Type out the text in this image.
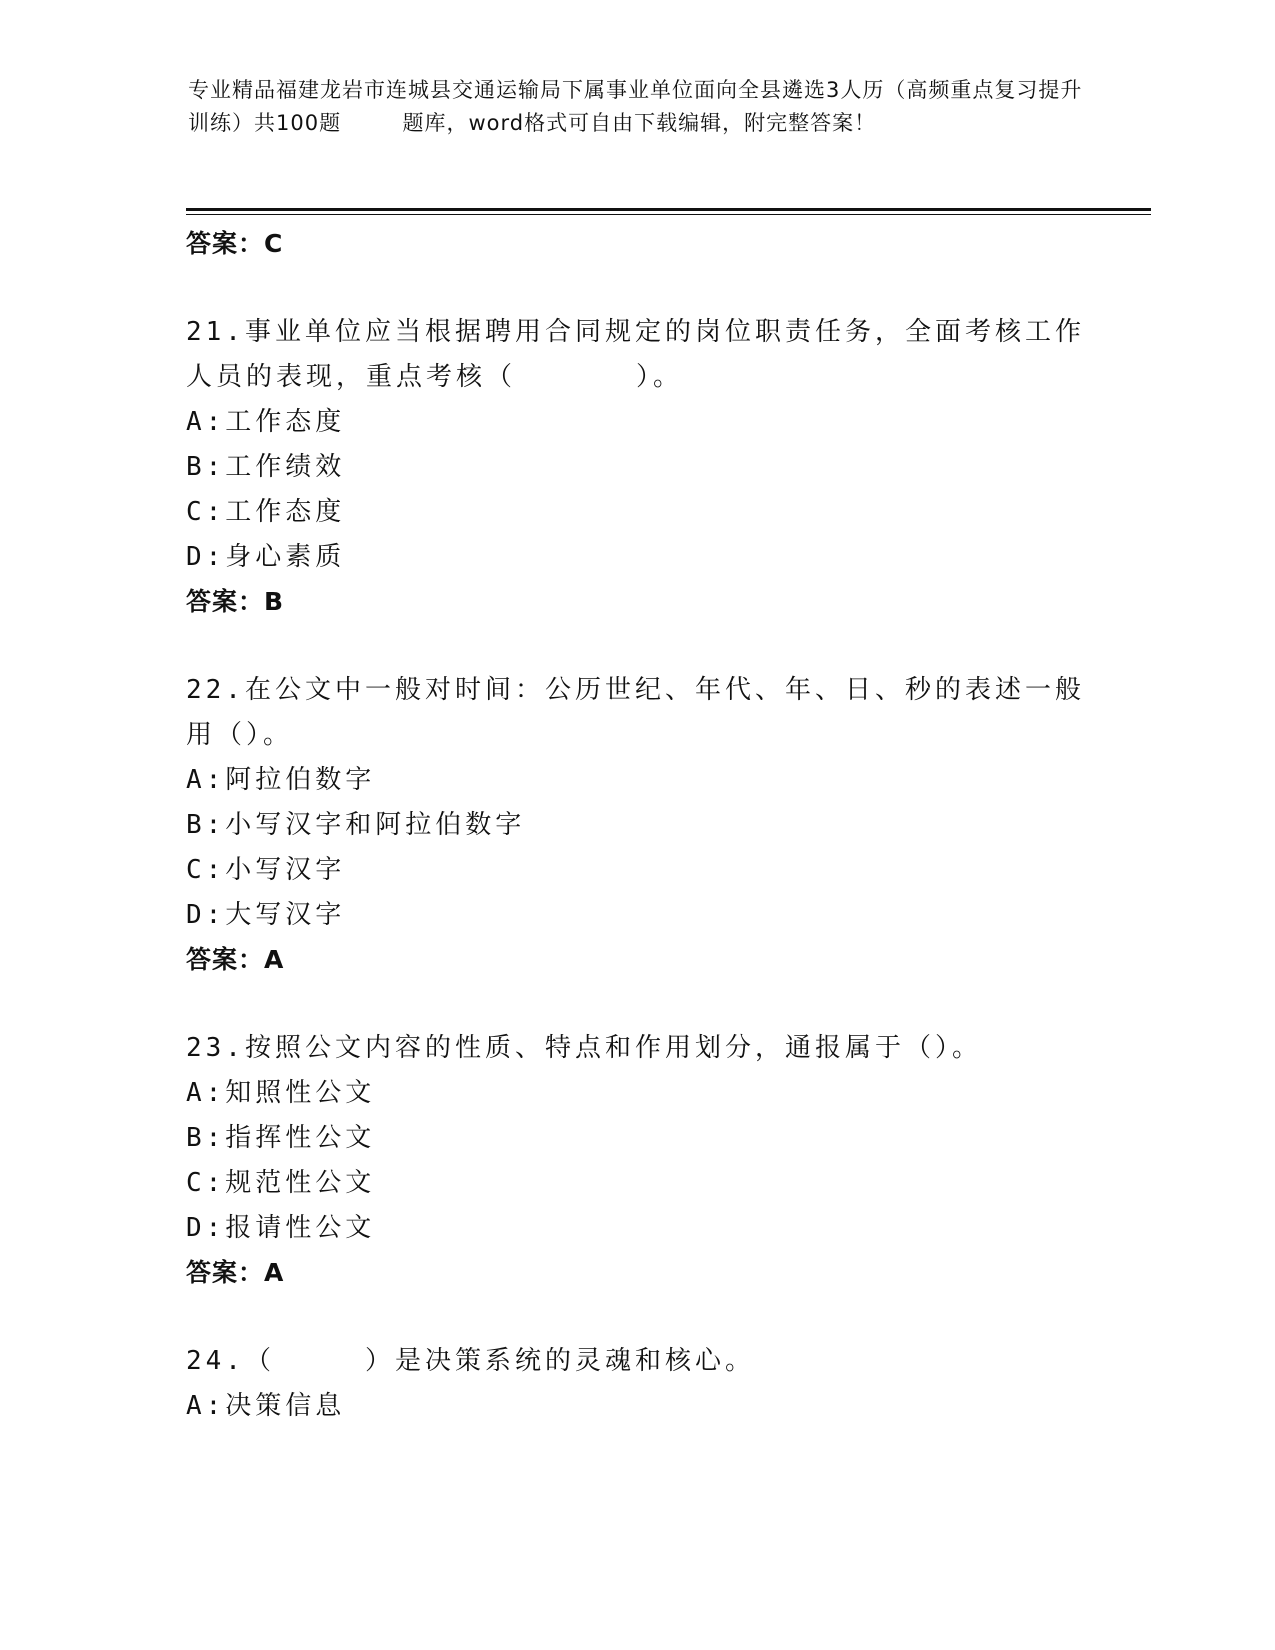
专业精品福建龙岩市连城县交通运输局下属事业单位面向全县遴选3人历（高频重点复习提升训练）共100题        题库，word格式可自由下载编辑，附完整答案！
答案：C
21.事业单位应当根据聘用合同规定的岗位职责任务，全面考核工作人员的表现，重点考核（　　　　）。
A:工作态度
B:工作绩效
C:工作态度
D:身心素质
答案：B
22.在公文中一般对时间：公历世纪、年代、年、日、秒的表述一般用（）。
A:阿拉伯数字
B:小写汉字和阿拉伯数字
C:小写汉字
D:大写汉字
答案：A
23.按照公文内容的性质、特点和作用划分，通报属于（）。
A:知照性公文
B:指挥性公文
C:规范性公文
D:报请性公文
答案：A
24.（　　　）是决策系统的灵魂和核心。
A:决策信息
